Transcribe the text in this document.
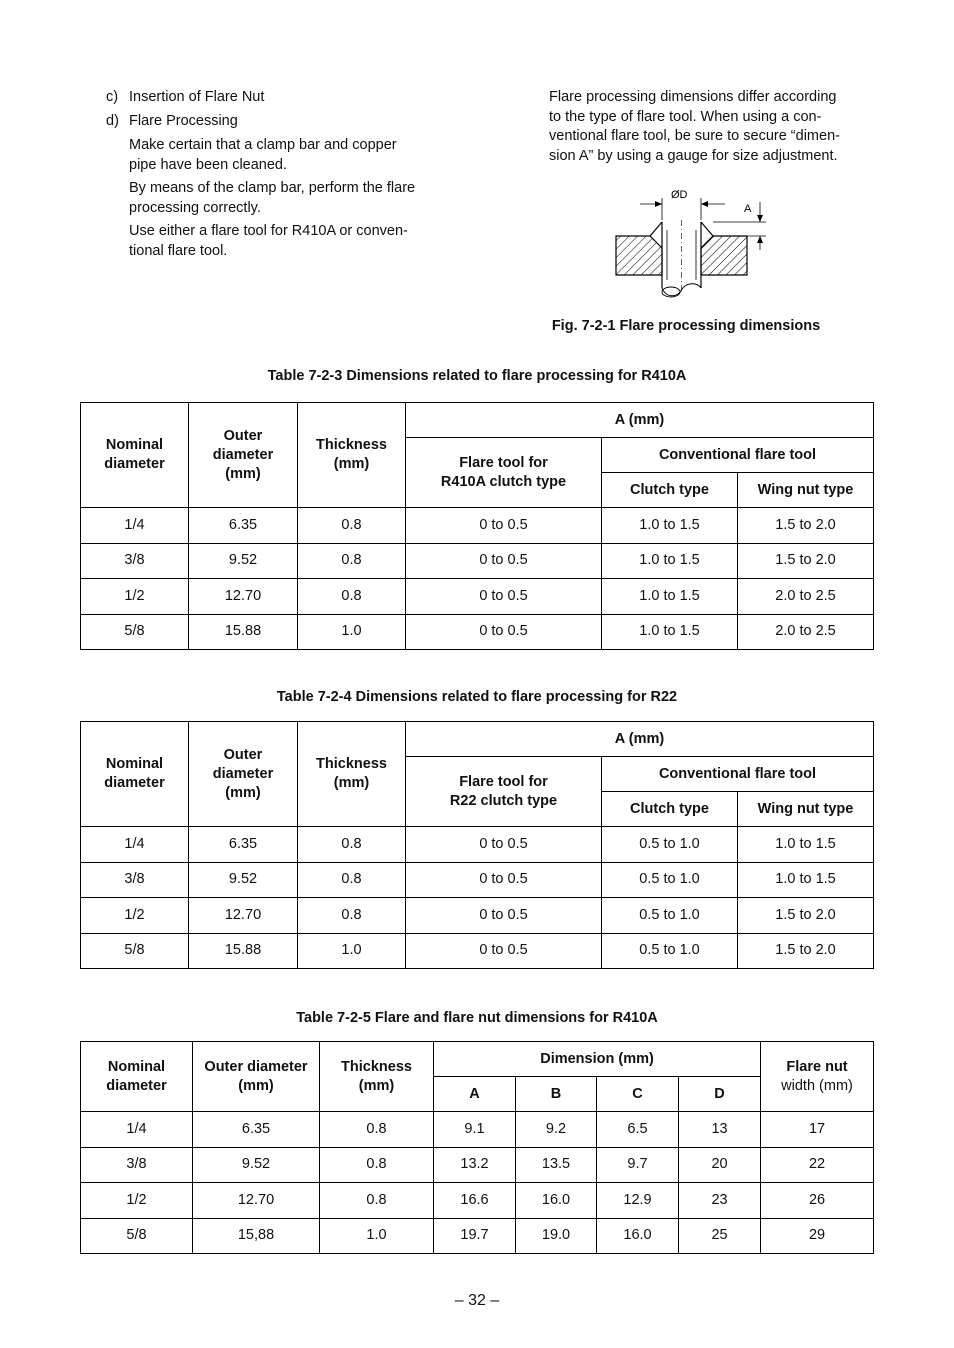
c) Insertion of Flare Nut
d) Flare Processing
Make certain that a clamp bar and copper
pipe have been cleaned.
By means of the clamp bar, perform the flare
processing correctly.
Use either a flare tool for R410A or conven-
tional flare tool.
Flare processing dimensions differ according
to the type of flare tool. When using a con-
ventional flare tool, be sure to secure “dimen-
sion A” by using a gauge for size adjustment.
ØD
A
Fig. 7-2-1 Flare processing dimensions
Table 7-2-3 Dimensions related to flare processing for R410A
Nominal
diameter	Outer
diameter
(mm)	Thickness
(mm)	A (mm)		
			Flare tool for
R410A clutch type	Conventional flare tool	
				Clutch type	Wing nut type
1/4	6.35	0.8	0 to 0.5	1.0 to 1.5	1.5 to 2.0
3/8	9.52	0.8	0 to 0.5	1.0 to 1.5	1.5 to 2.0
1/2	12.70	0.8	0 to 0.5	1.0 to 1.5	2.0 to 2.5
5/8	15.88	1.0	0 to 0.5	1.0 to 1.5	2.0 to 2.5
Table 7-2-4 Dimensions related to flare processing for R22
Nominal
diameter	Outer
diameter
(mm)	Thickness
(mm)	A (mm)		
			Flare tool for
R22 clutch type	Conventional flare tool	
				Clutch type	Wing nut type
1/4	6.35	0.8	0 to 0.5	0.5 to 1.0	1.0 to 1.5
3/8	9.52	0.8	0 to 0.5	0.5 to 1.0	1.0 to 1.5
1/2	12.70	0.8	0 to 0.5	0.5 to 1.0	1.5 to 2.0
5/8	15.88	1.0	0 to 0.5	0.5 to 1.0	1.5 to 2.0
Table 7-2-5 Flare and flare nut dimensions for R410A
Nominal
diameter	Outer diameter
(mm)	Thickness
(mm)	Dimension (mm)				Flare nut
width (mm)
			A	B	C	D	
1/4	6.35	0.8	9.1	9.2	6.5	13	17
3/8	9.52	0.8	13.2	13.5	9.7	20	22
1/2	12.70	0.8	16.6	16.0	12.9	23	26
5/8	15,88	1.0	19.7	19.0	16.0	25	29
– 32 –
